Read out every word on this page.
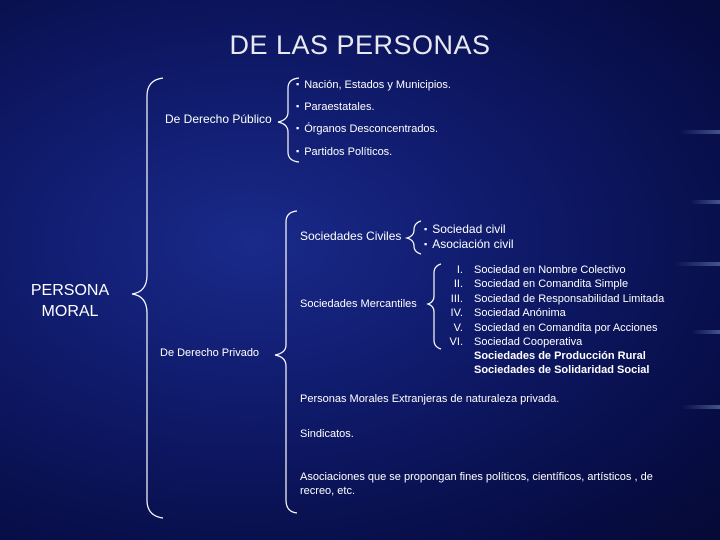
DE LAS PERSONAS
PERSONA
MORAL
De Derecho Público
▪ Nación, Estados y Municipios.
▪ Paraestatales.
▪ Órganos Desconcentrados.
▪ Partidos Políticos.
De Derecho Privado
Sociedades Civiles
▪	Sociedad civil
▪ Asociación civil
Sociedades Mercantiles
I.
II.
III.
IV.
V.
VI.
Sociedad en Nombre Colectivo
Sociedad en Comandita Simple
Sociedad de Responsabilidad Limitada
Sociedad Anónima
Sociedad en Comandita por Acciones
Sociedad Cooperativa
Sociedades de Producción Rural
Sociedades de Solidaridad Social
Personas Morales Extranjeras de naturaleza privada.
Sindicatos.
Asociaciones que se propongan fines políticos, científicos, artísticos , de
recreo, etc.
